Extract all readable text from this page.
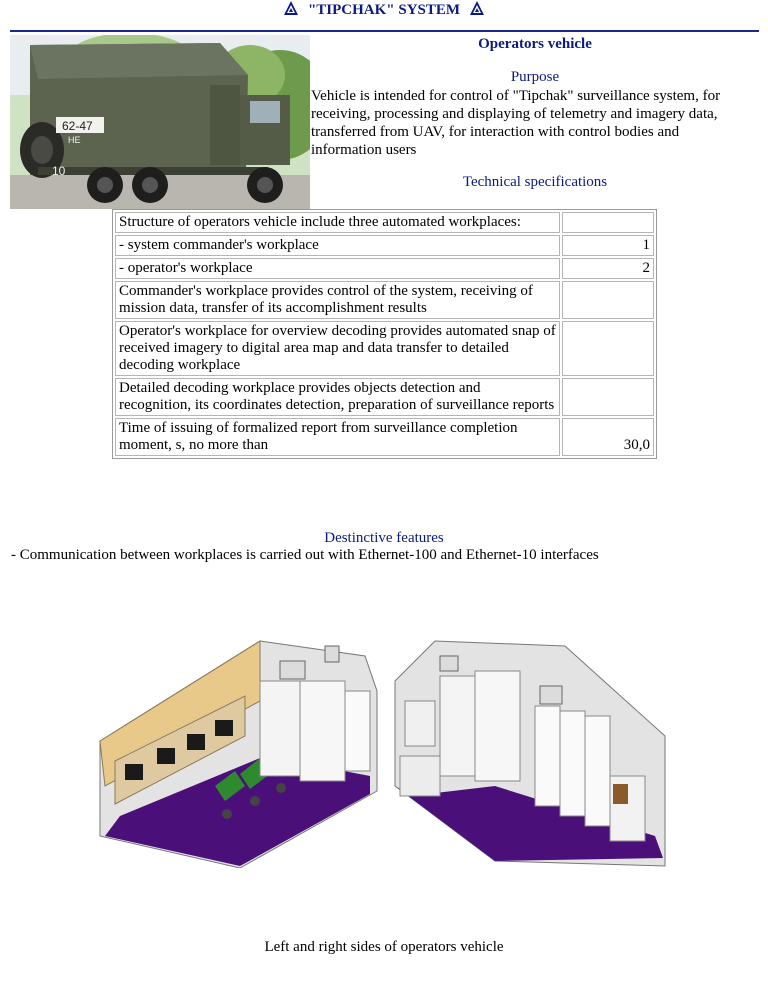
"TIPCHAK" SYSTEM
62-47
HE
10
Operators vehicle
Purpose
Vehicle is intended for control of "Tipchak" surveillance system, for receiving, processing and displaying of telemetry and imagery data, transferred from UAV, for interaction with control bodies and information users
Technical specifications
Structure of operators vehicle include three automated workplaces:	
- system commander's workplace	1
- operator's workplace	2
Commander's workplace provides control of the system, receiving of mission data, transfer of its accomplishment results	
Operator's workplace for overview decoding provides automated snap of received imagery to digital area map and data transfer to detailed decoding workplace	
Detailed decoding workplace provides objects detection and recognition, its coordinates detection, preparation of surveillance reports	
Time of issuing of formalized report from surveillance completion moment, s, no more than	30,0
Destinctive features
- Communication between workplaces is carried out with Ethernet-100 and Ethernet-10 interfaces
Left and right sides of operators vehicle
